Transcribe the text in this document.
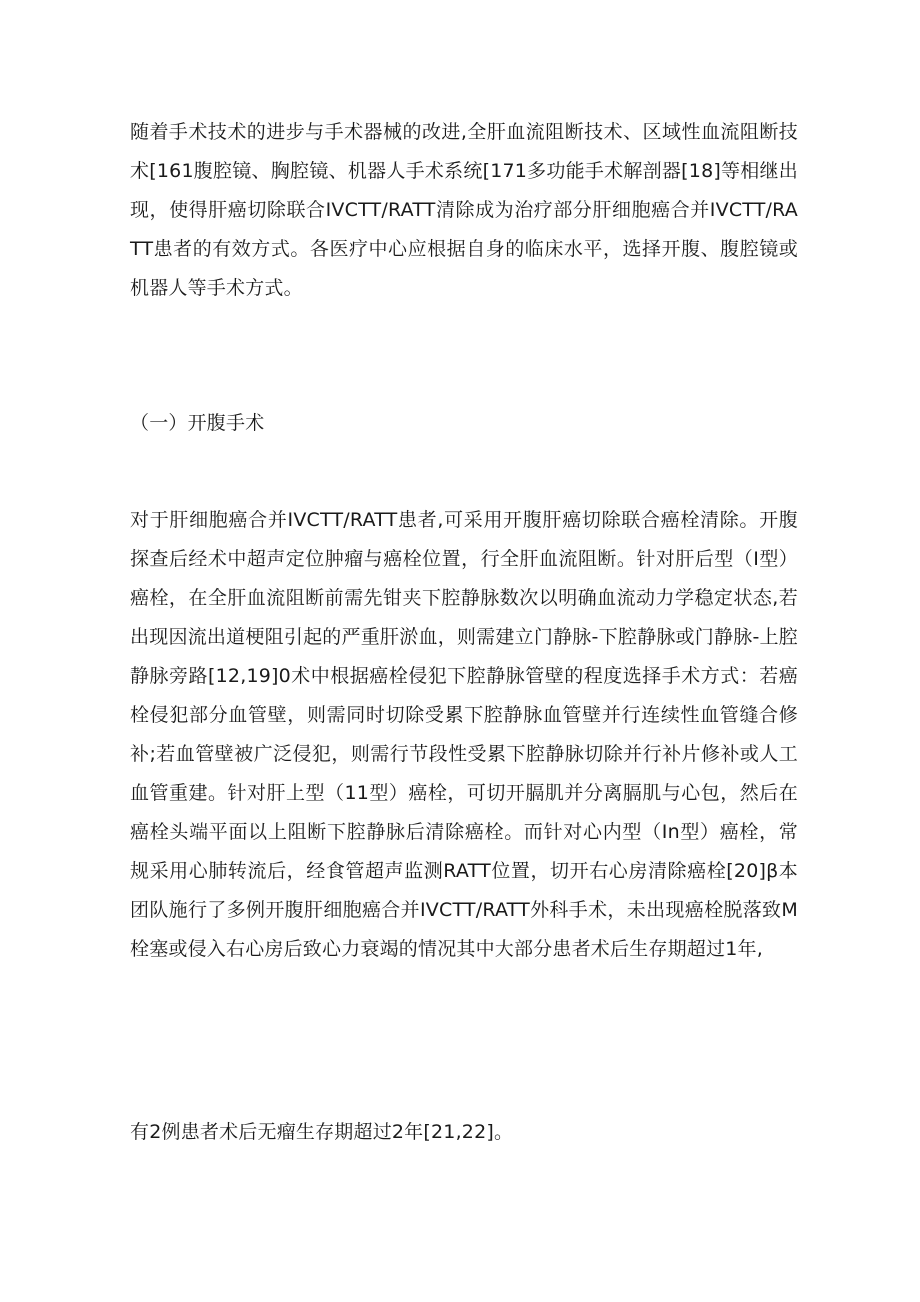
随着手术技术的进步与手术器械的改进,全肝血流阻断技术、区域性血流阻断技术[161腹腔镜、胸腔镜、机器人手术系统[171多功能手术解剖器[18]等相继出现，使得肝癌切除联合IVCTT/RATT清除成为治疗部分肝细胞癌合并IVCTT/RATT患者的有效方式。各医疗中心应根据自身的临床水平，选择开腹、腹腔镜或机器人等手术方式。

（一）开腹手术

对于肝细胞癌合并IVCTT/RATT患者,可采用开腹肝癌切除联合癌栓清除。开腹探查后经术中超声定位肿瘤与癌栓位置，行全肝血流阻断。针对肝后型（I型）癌栓，在全肝血流阻断前需先钳夹下腔静脉数次以明确血流动力学稳定状态,若出现因流出道梗阻引起的严重肝淤血，则需建立门静脉-下腔静脉或门静脉-上腔静脉旁路[12,19]0术中根据癌栓侵犯下腔静脉管壁的程度选择手术方式：若癌栓侵犯部分血管壁，则需同时切除受累下腔静脉血管壁并行连续性血管缝合修补;若血管壁被广泛侵犯，则需行节段性受累下腔静脉切除并行补片修补或人工血管重建。针对肝上型（11型）癌栓，可切开膈肌并分离膈肌与心包，然后在癌栓头端平面以上阻断下腔静脉后清除癌栓。而针对心内型（In型）癌栓，常规采用心肺转流后，经食管超声监测RATT位置，切开右心房清除癌栓[20]β本团队施行了多例开腹肝细胞癌合并IVCTT/RATT外科手术，未出现癌栓脱落致M栓塞或侵入右心房后致心力衰竭的情况其中大部分患者术后生存期超过1年,

有2例患者术后无瘤生存期超过2年[21,22]。
